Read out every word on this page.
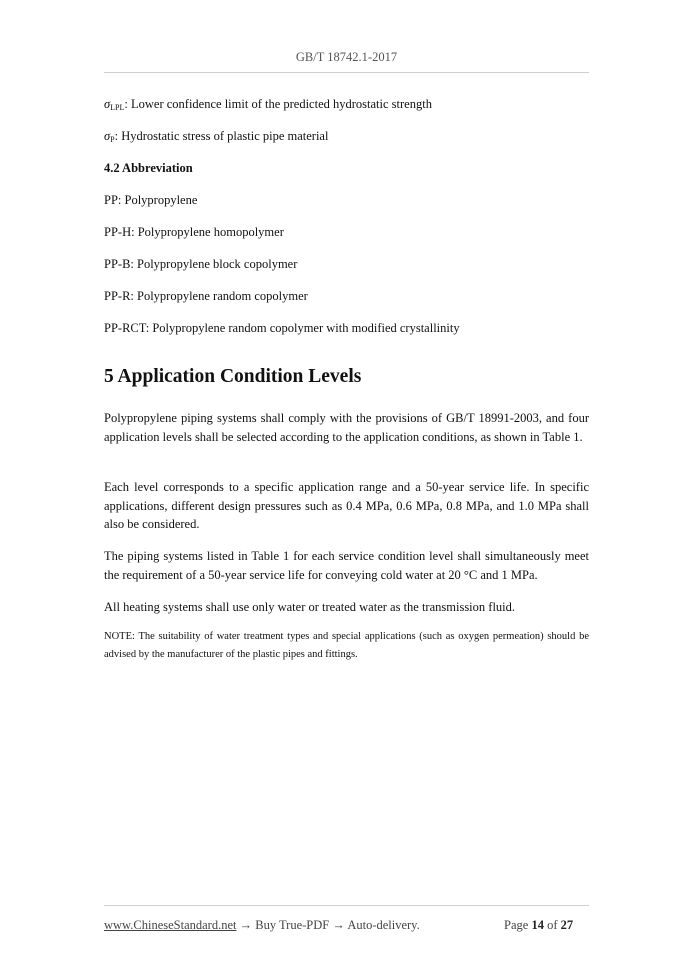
GB/T 18742.1-2017
$\sigma_{LPL}$: Lower confidence limit of the predicted hydrostatic strength
$\sigma_P$: Hydrostatic stress of plastic pipe material
4.2 Abbreviation
PP: Polypropylene
PP-H: Polypropylene homopolymer
PP-B: Polypropylene block copolymer
PP-R: Polypropylene random copolymer
PP-RCT: Polypropylene random copolymer with modified crystallinity
5 Application Condition Levels
Polypropylene piping systems shall comply with the provisions of GB/T 18991-2003, and four application levels shall be selected according to the application conditions, as shown in Table 1.
Each level corresponds to a specific application range and a 50-year service life. In specific applications, different design pressures such as 0.4 MPa, 0.6 MPa, 0.8 MPa, and 1.0 MPa shall also be considered.
The piping systems listed in Table 1 for each service condition level shall simultaneously meet the requirement of a 50-year service life for conveying cold water at 20 °C and 1 MPa.
All heating systems shall use only water or treated water as the transmission fluid.
NOTE: The suitability of water treatment types and special applications (such as oxygen permeation) should be advised by the manufacturer of the plastic pipes and fittings.
www.ChineseStandard.net → Buy True-PDF → Auto-delivery.	Page 14 of 27
